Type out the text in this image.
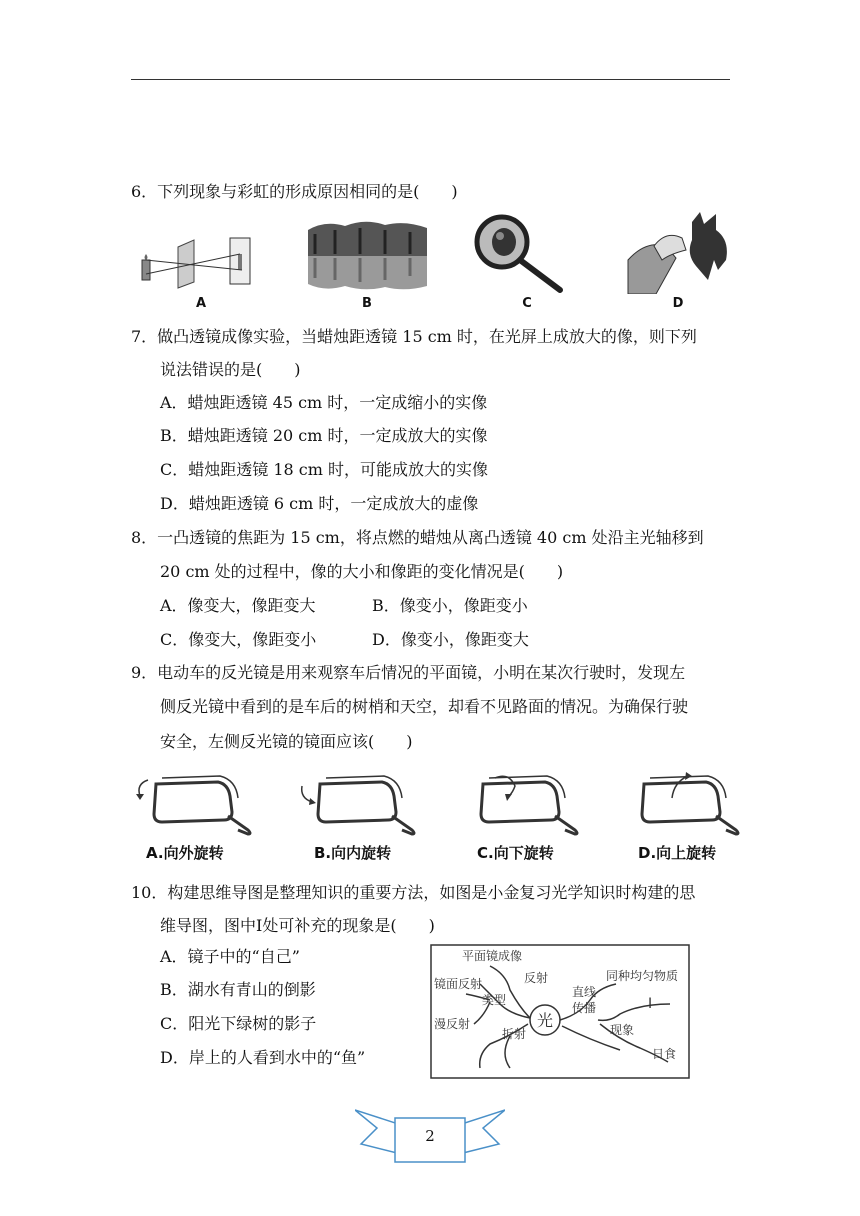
6．下列现象与彩虹的形成原因相同的是(　　)
A	B	C	D
7．做凸透镜成像实验，当蜡烛距透镜 15 cm 时，在光屏上成放大的像，则下列
说法错误的是(　　)
A．蜡烛距透镜 45 cm 时，一定成缩小的实像
B．蜡烛距透镜 20 cm 时，一定成放大的实像
C．蜡烛距透镜 18 cm 时，可能成放大的实像
D．蜡烛距透镜 6 cm 时，一定成放大的虚像
8．一凸透镜的焦距为 15 cm，将点燃的蜡烛从离凸透镜 40 cm 处沿主光轴移到
20 cm 处的过程中，像的大小和像距的变化情况是(　　)
A．像变大，像距变大	B．像变小，像距变小
C．像变大，像距变小	D．像变小，像距变大
9．电动车的反光镜是用来观察车后情况的平面镜，小明在某次行驶时，发现左
侧反光镜中看到的是车后的树梢和天空，却看不见路面的情况。为确保行驶
安全，左侧反光镜的镜面应该(　　)
A.向外旋转	B.向内旋转	C.向下旋转	D.向上旋转
10．构建思维导图是整理知识的重要方法，如图是小金复习光学知识时构建的思
维导图，图中I处可补充的现象是(　　)
A．镜子中的“自己”
B．湖水有青山的倒影
C．阳光下绿树的影子
D．岸上的人看到水中的“鱼”
光
平面镜成像
反射
镜面反射
类型
漫反射
折射
直线
传播
同种均匀物质
Ⅰ
现象
日食
2
